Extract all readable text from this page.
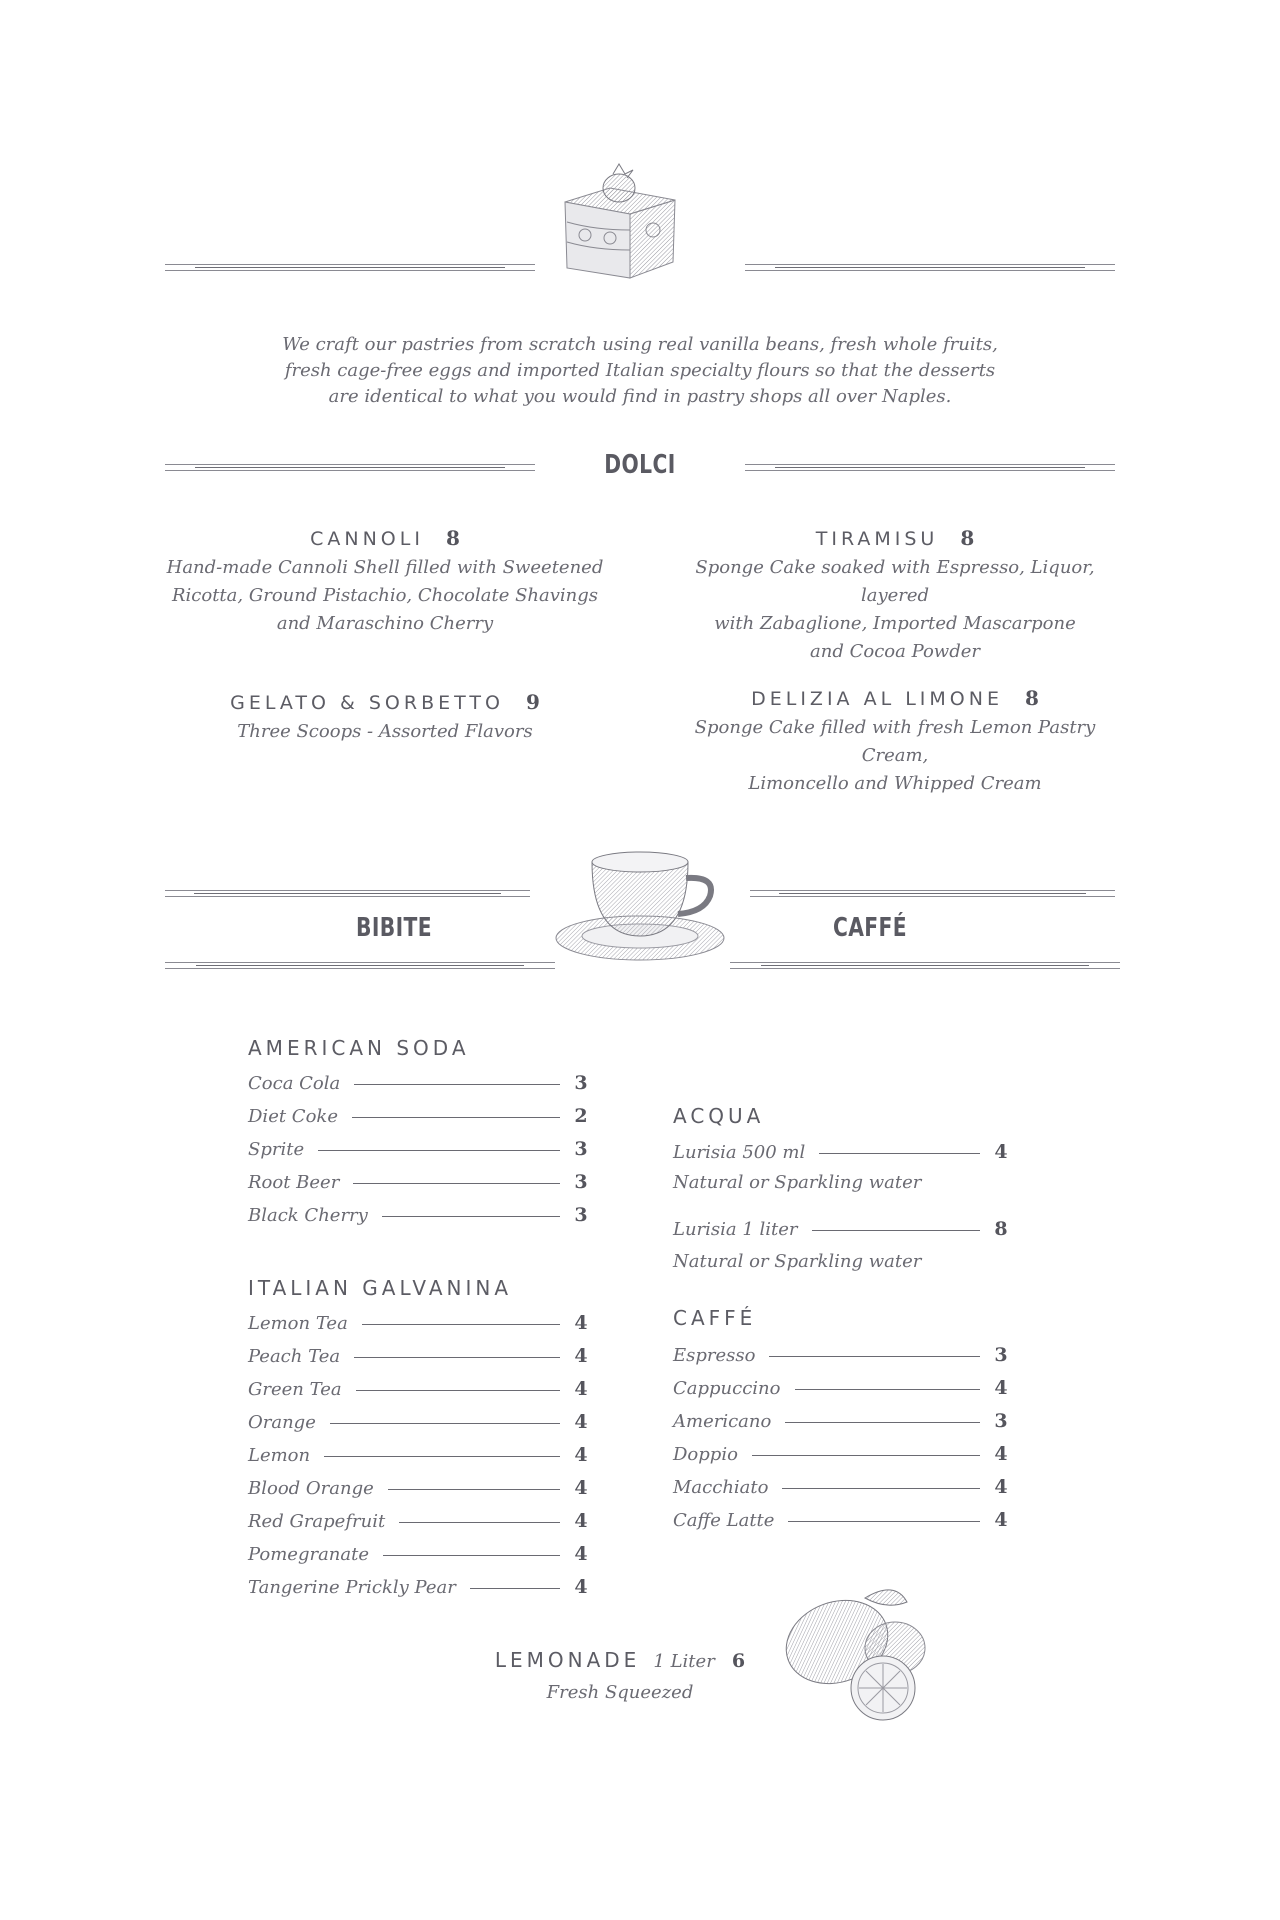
We craft our pastries from scratch using real vanilla beans, fresh whole fruits,
fresh cage-free eggs and imported Italian specialty flours so that the desserts
are identical to what you would find in pastry shops all over Naples.
DOLCI
CANNOLI 8
Hand-made Cannoli Shell filled with Sweetened
Ricotta, Ground Pistachio, Chocolate Shavings
and Maraschino Cherry
TIRAMISU 8
Sponge Cake soaked with Espresso, Liquor, layered
with Zabaglione, Imported Mascarpone
and Cocoa Powder
GELATO & SORBETTO 9
Three Scoops - Assorted Flavors
DELIZIA AL LIMONE 8
Sponge Cake filled with fresh Lemon Pastry Cream,
Limoncello and Whipped Cream
BIBITE	CAFFÉ
AMERICAN SODA
Coca Cola	3
Diet Coke	2
Sprite	3
Root Beer	3
Black Cherry	3
ITALIAN GALVANINA
Lemon Tea	4
Peach Tea	4
Green Tea	4
Orange	4
Lemon	4
Blood Orange	4
Red Grapefruit	4
Pomegranate	4
Tangerine Prickly Pear	4
ACQUA
Lurisia 500 ml	4
Natural or Sparkling water
Lurisia 1 liter	8
Natural or Sparkling water
CAFFÉ
Espresso	3
Cappuccino	4
Americano	3
Doppio	4
Macchiato	4
Caffe Latte	4
LEMONADE 1 Liter 6
Fresh Squeezed
